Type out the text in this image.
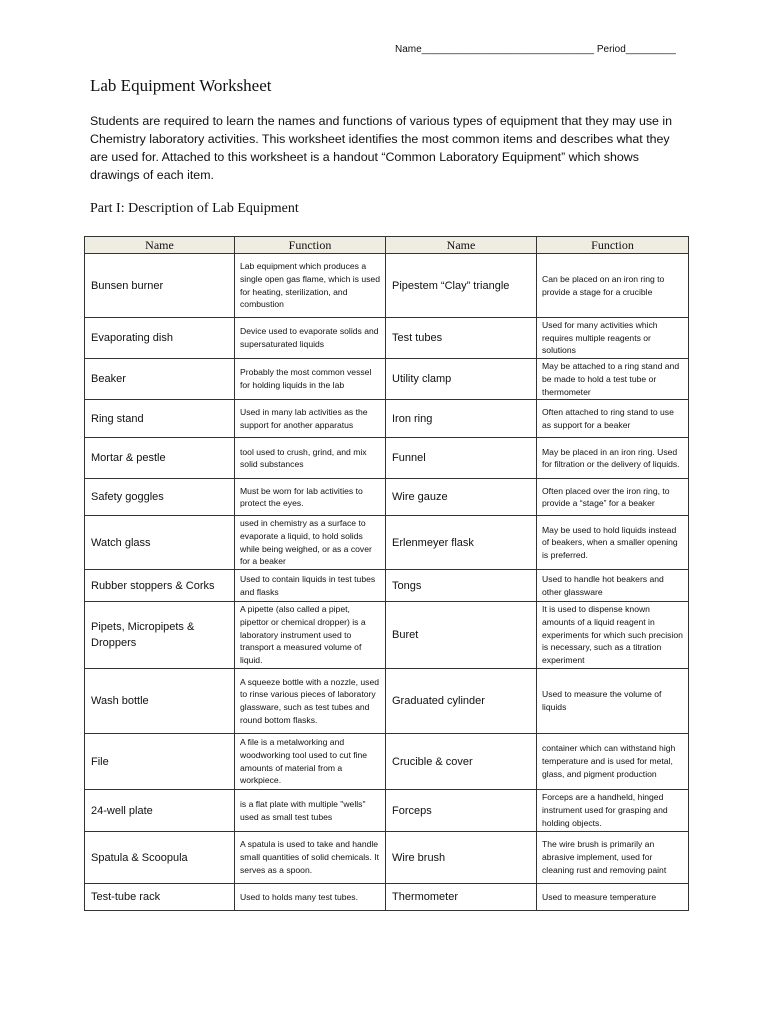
Name_______________________________ Period_________
Lab Equipment Worksheet
Students are required to learn the names and functions of various types of equipment that they may use in Chemistry laboratory activities. This worksheet identifies the most common items and describes what they are used for. Attached to this worksheet is a handout “Common Laboratory Equipment” which shows drawings of each item.
Part I: Description of Lab Equipment
Name	Function	Name	Function
Bunsen burner	Lab equipment which produces a single open gas flame, which is used for heating, sterilization, and combustion	Pipestem “Clay” triangle	Can be placed on an iron ring to provide a stage for a crucible
Evaporating dish	Device used to evaporate solids and supersaturated liquids	Test tubes	Used for many activities which requires multiple reagents or solutions
Beaker	Probably the most common vessel for holding liquids in the lab	Utility clamp	May be attached to a ring stand and be made to hold a test tube or thermometer
Ring stand	Used in many lab activities as the support for another apparatus	Iron ring	Often attached to ring stand to use as support for a beaker
Mortar & pestle	tool used to crush, grind, and mix solid substances	Funnel	May be placed in an iron ring. Used for filtration or the delivery of liquids.
Safety goggles	Must be worn for lab activities to protect the eyes.	Wire gauze	Often placed over the iron ring, to provide a “stage” for a beaker
Watch glass	used in chemistry as a surface to evaporate a liquid, to hold solids while being weighed, or as a cover for a beaker	Erlenmeyer flask	May be used to hold liquids instead of beakers, when a smaller opening is preferred.
Rubber stoppers & Corks	Used to contain liquids in test tubes and flasks	Tongs	Used to handle hot beakers and other glassware
Pipets, Micropipets & Droppers	A pipette (also called a pipet, pipettor or chemical dropper) is a laboratory instrument used to transport a measured volume of liquid.	Buret	It is used to dispense known amounts of a liquid reagent in experiments for which such precision is necessary, such as a titration experiment
Wash bottle	A squeeze bottle with a nozzle, used to rinse various pieces of laboratory glassware, such as test tubes and round bottom flasks.	Graduated cylinder	Used to measure the volume of liquids
File	A file is a metalworking and woodworking tool used to cut fine amounts of material from a workpiece.	Crucible & cover	container which can withstand high temperature and is used for metal, glass, and pigment production
24-well plate	is a flat plate with multiple "wells" used as small test tubes	Forceps	Forceps are a handheld, hinged instrument used for grasping and holding objects.
Spatula & Scoopula	A spatula is used to take and handle small quantities of solid chemicals. It serves as a spoon.	Wire brush	The wire brush is primarily an abrasive implement, used for cleaning rust and removing paint
Test-tube rack	Used to holds many test tubes.	Thermometer	Used to measure temperature
